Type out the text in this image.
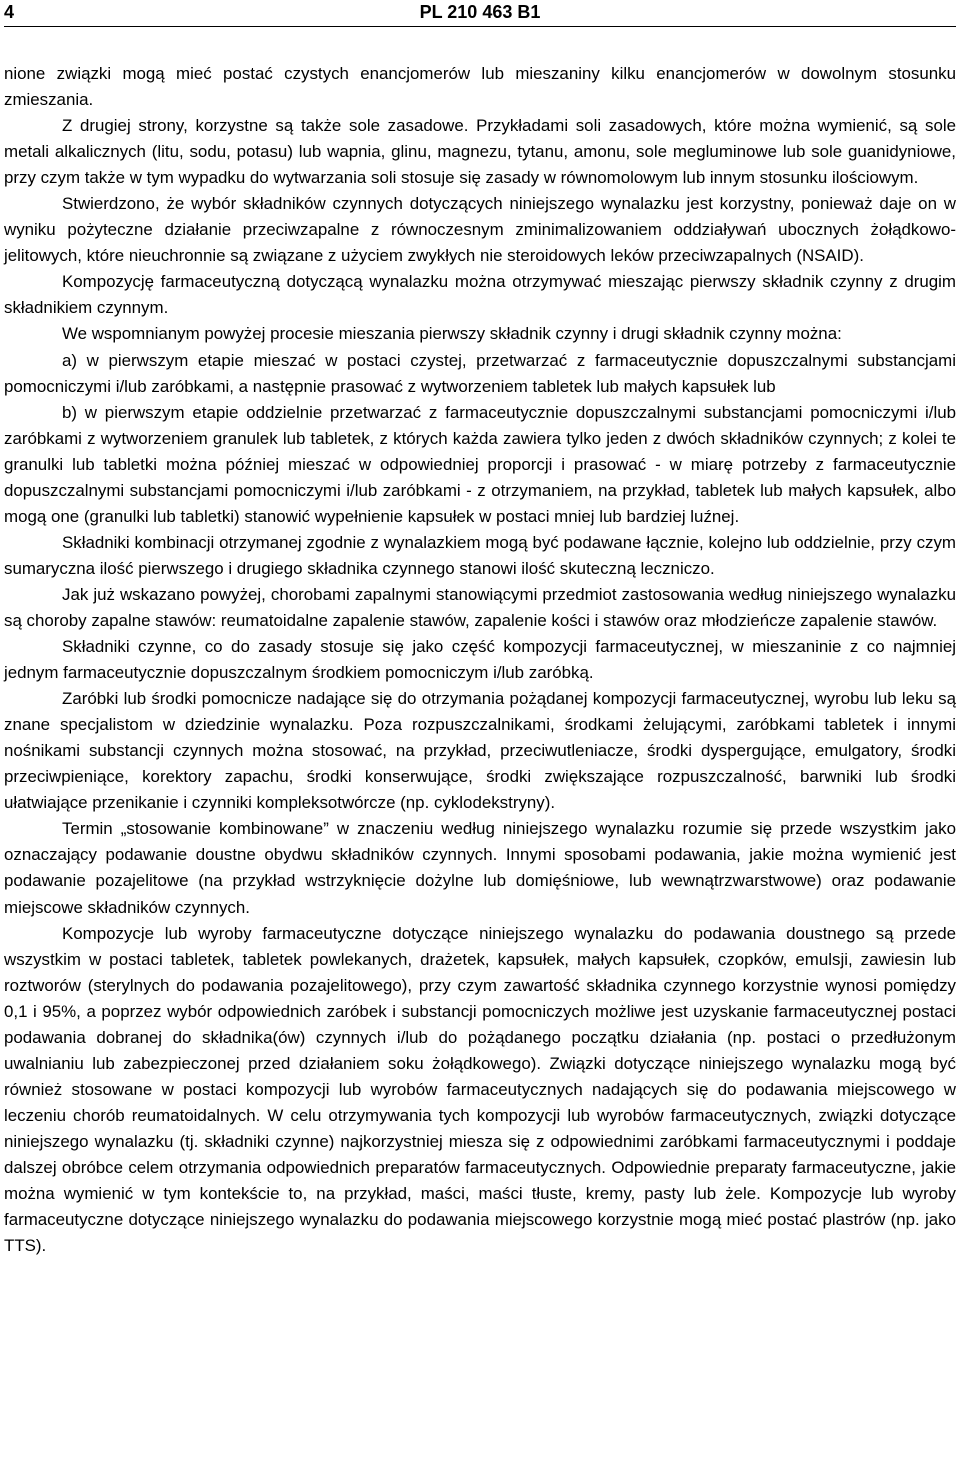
4	PL 210 463 B1

nione związki mogą mieć postać czystych enancjomerów lub mieszaniny kilku enancjomerów w dowolnym stosunku zmieszania.

Z drugiej strony, korzystne są także sole zasadowe. Przykładami soli zasadowych, które można wymienić, są sole metali alkalicznych (litu, sodu, potasu) lub wapnia, glinu, magnezu, tytanu, amonu, sole megluminowe lub sole guanidyniowe, przy czym także w tym wypadku do wytwarzania soli stosuje się zasady w równomolowym lub innym stosunku ilościowym.

Stwierdzono, że wybór składników czynnych dotyczących niniejszego wynalazku jest korzystny, ponieważ daje on w wyniku pożyteczne działanie przeciwzapalne z równoczesnym zminimalizowaniem oddziaływań ubocznych żołądkowo-jelitowych, które nieuchronnie są związane z użyciem zwykłych nie steroidowych leków przeciwzapalnych (NSAID).

Kompozycję farmaceutyczną dotyczącą wynalazku można otrzymywać mieszając pierwszy składnik czynny z drugim składnikiem czynnym.

We wspomnianym powyżej procesie mieszania pierwszy składnik czynny i drugi składnik czynny można:

a) w pierwszym etapie mieszać w postaci czystej, przetwarzać z farmaceutycznie dopuszczalnymi substancjami pomocniczymi i/lub zaróbkami, a następnie prasować z wytworzeniem tabletek lub małych kapsułek lub

b) w pierwszym etapie oddzielnie przetwarzać z farmaceutycznie dopuszczalnymi substancjami pomocniczymi i/lub zaróbkami z wytworzeniem granulek lub tabletek, z których każda zawiera tylko jeden z dwóch składników czynnych; z kolei te granulki lub tabletki można później mieszać w odpowiedniej proporcji i prasować - w miarę potrzeby z farmaceutycznie dopuszczalnymi substancjami pomocniczymi i/lub zaróbkami - z otrzymaniem, na przykład, tabletek lub małych kapsułek, albo mogą one (granulki lub tabletki) stanowić wypełnienie kapsułek w postaci mniej lub bardziej luźnej.

Składniki kombinacji otrzymanej zgodnie z wynalazkiem mogą być podawane łącznie, kolejno lub oddzielnie, przy czym sumaryczna ilość pierwszego i drugiego składnika czynnego stanowi ilość skuteczną leczniczo.

Jak już wskazano powyżej, chorobami zapalnymi stanowiącymi przedmiot zastosowania według niniejszego wynalazku są choroby zapalne stawów: reumatoidalne zapalenie stawów, zapalenie kości i stawów oraz młodzieńcze zapalenie stawów.

Składniki czynne, co do zasady stosuje się jako część kompozycji farmaceutycznej, w mieszaninie z co najmniej jednym farmaceutycznie dopuszczalnym środkiem pomocniczym i/lub zaróbką.

Zaróbki lub środki pomocnicze nadające się do otrzymania pożądanej kompozycji farmaceutycznej, wyrobu lub leku są znane specjalistom w dziedzinie wynalazku. Poza rozpuszczalnikami, środkami żelującymi, zaróbkami tabletek i innymi nośnikami substancji czynnych można stosować, na przykład, przeciwutleniacze, środki dyspergujące, emulgatory, środki przeciwpieniące, korektory zapachu, środki konserwujące, środki zwiększające rozpuszczalność, barwniki lub środki ułatwiające przenikanie i czynniki kompleksotwórcze (np. cyklodekstryny).

Termin „stosowanie kombinowane” w znaczeniu według niniejszego wynalazku rozumie się przede wszystkim jako oznaczający podawanie doustne obydwu składników czynnych. Innymi sposobami podawania, jakie można wymienić jest podawanie pozajelitowe (na przykład wstrzyknięcie dożylne lub domięśniowe, lub wewnątrzwarstwowe) oraz podawanie miejscowe składników czynnych.

Kompozycje lub wyroby farmaceutyczne dotyczące niniejszego wynalazku do podawania doustnego są przede wszystkim w postaci tabletek, tabletek powlekanych, drażetek, kapsułek, małych kapsułek, czopków, emulsji, zawiesin lub roztworów (sterylnych do podawania pozajelitowego), przy czym zawartość składnika czynnego korzystnie wynosi pomiędzy 0,1 i 95%, a poprzez wybór odpowiednich zaróbek i substancji pomocniczych możliwe jest uzyskanie farmaceutycznej postaci podawania dobranej do składnika(ów) czynnych i/lub do pożądanego początku działania (np. postaci o przedłużonym uwalnianiu lub zabezpieczonej przed działaniem soku żołądkowego). Związki dotyczące niniejszego wynalazku mogą być również stosowane w postaci kompozycji lub wyrobów farmaceutycznych nadających się do podawania miejscowego w leczeniu chorób reumatoidalnych. W celu otrzymywania tych kompozycji lub wyrobów farmaceutycznych, związki dotyczące niniejszego wynalazku (tj. składniki czynne) najkorzystniej miesza się z odpowiednimi zaróbkami farmaceutycznymi i poddaje dalszej obróbce celem otrzymania odpowiednich preparatów farmaceutycznych. Odpowiednie preparaty farmaceutyczne, jakie można wymienić w tym kontekście to, na przykład, maści, maści tłuste, kremy, pasty lub żele. Kompozycje lub wyroby farmaceutyczne dotyczące niniejszego wynalazku do podawania miejscowego korzystnie mogą mieć postać plastrów (np. jako TTS).
